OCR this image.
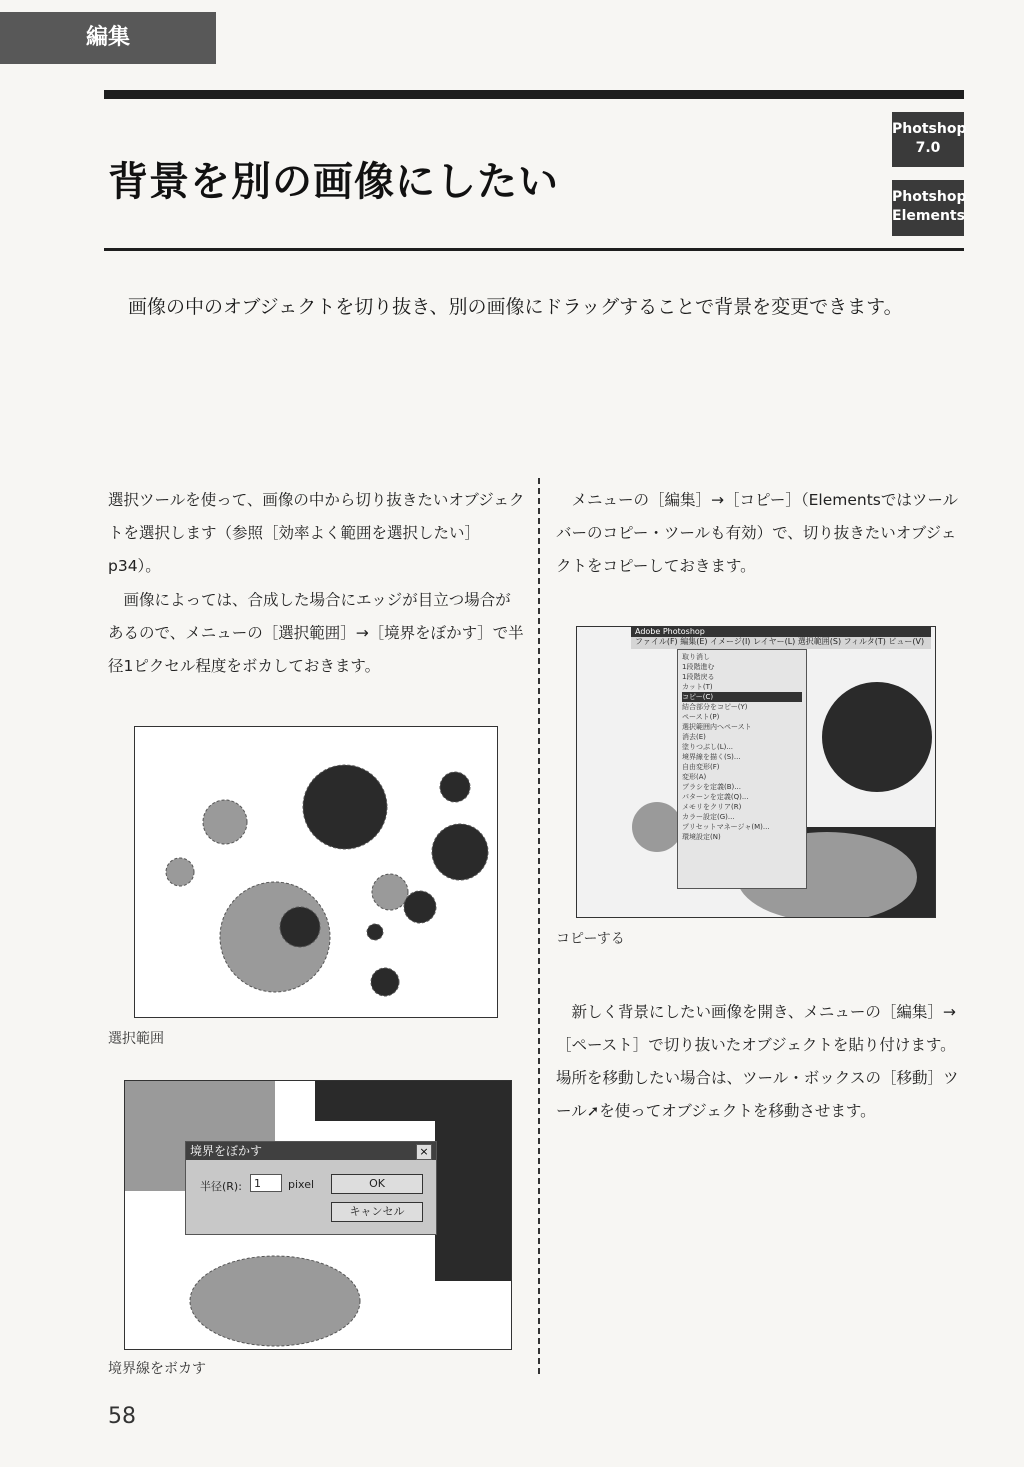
編集
背景を別の画像にしたい
Photshop 7.0
Photshop Elements
画像の中のオブジェクトを切り抜き、別の画像にドラッグすることで背景を変更できます。
選択ツールを使って、画像の中から切り抜きたいオブジェクトを選択します（参照［効率よく範囲を選択したい］p34）。
画像によっては、合成した場合にエッジが目立つ場合があるので、メニューの［選択範囲］→［境界をぼかす］で半径1ピクセル程度をボカしておきます。
選択範囲
境界をぼかす	×
半径(R):	1	pixel	OK
キャンセル
境界線をボカす
メニューの［編集］→［コピー］（Elementsではツールバーのコピー・ツールも有効）で、切り抜きたいオブジェクトをコピーしておきます。
Adobe Photoshop
ファイル(F) 編集(E) イメージ(I) レイヤー(L) 選択範囲(S) フィルタ(T) ビュー(V)
取り消し
1段階進む
1段階戻る
カット(T)
コピー(C)
結合部分をコピー(Y)
ペースト(P)
選択範囲内へペースト
消去(E)
塗りつぶし(L)...
境界線を描く(S)...
自由変形(F)
変形(A)
ブラシを定義(B)...
パターンを定義(Q)...
メモリをクリア(R)
カラー設定(G)...
プリセットマネージャ(M)...
環境設定(N)
コピーする
新しく背景にしたい画像を開き、メニューの［編集］→［ペースト］で切り抜いたオブジェクトを貼り付けます。場所を移動したい場合は、ツール・ボックスの［移動］ツール➚を使ってオブジェクトを移動させます。
58
